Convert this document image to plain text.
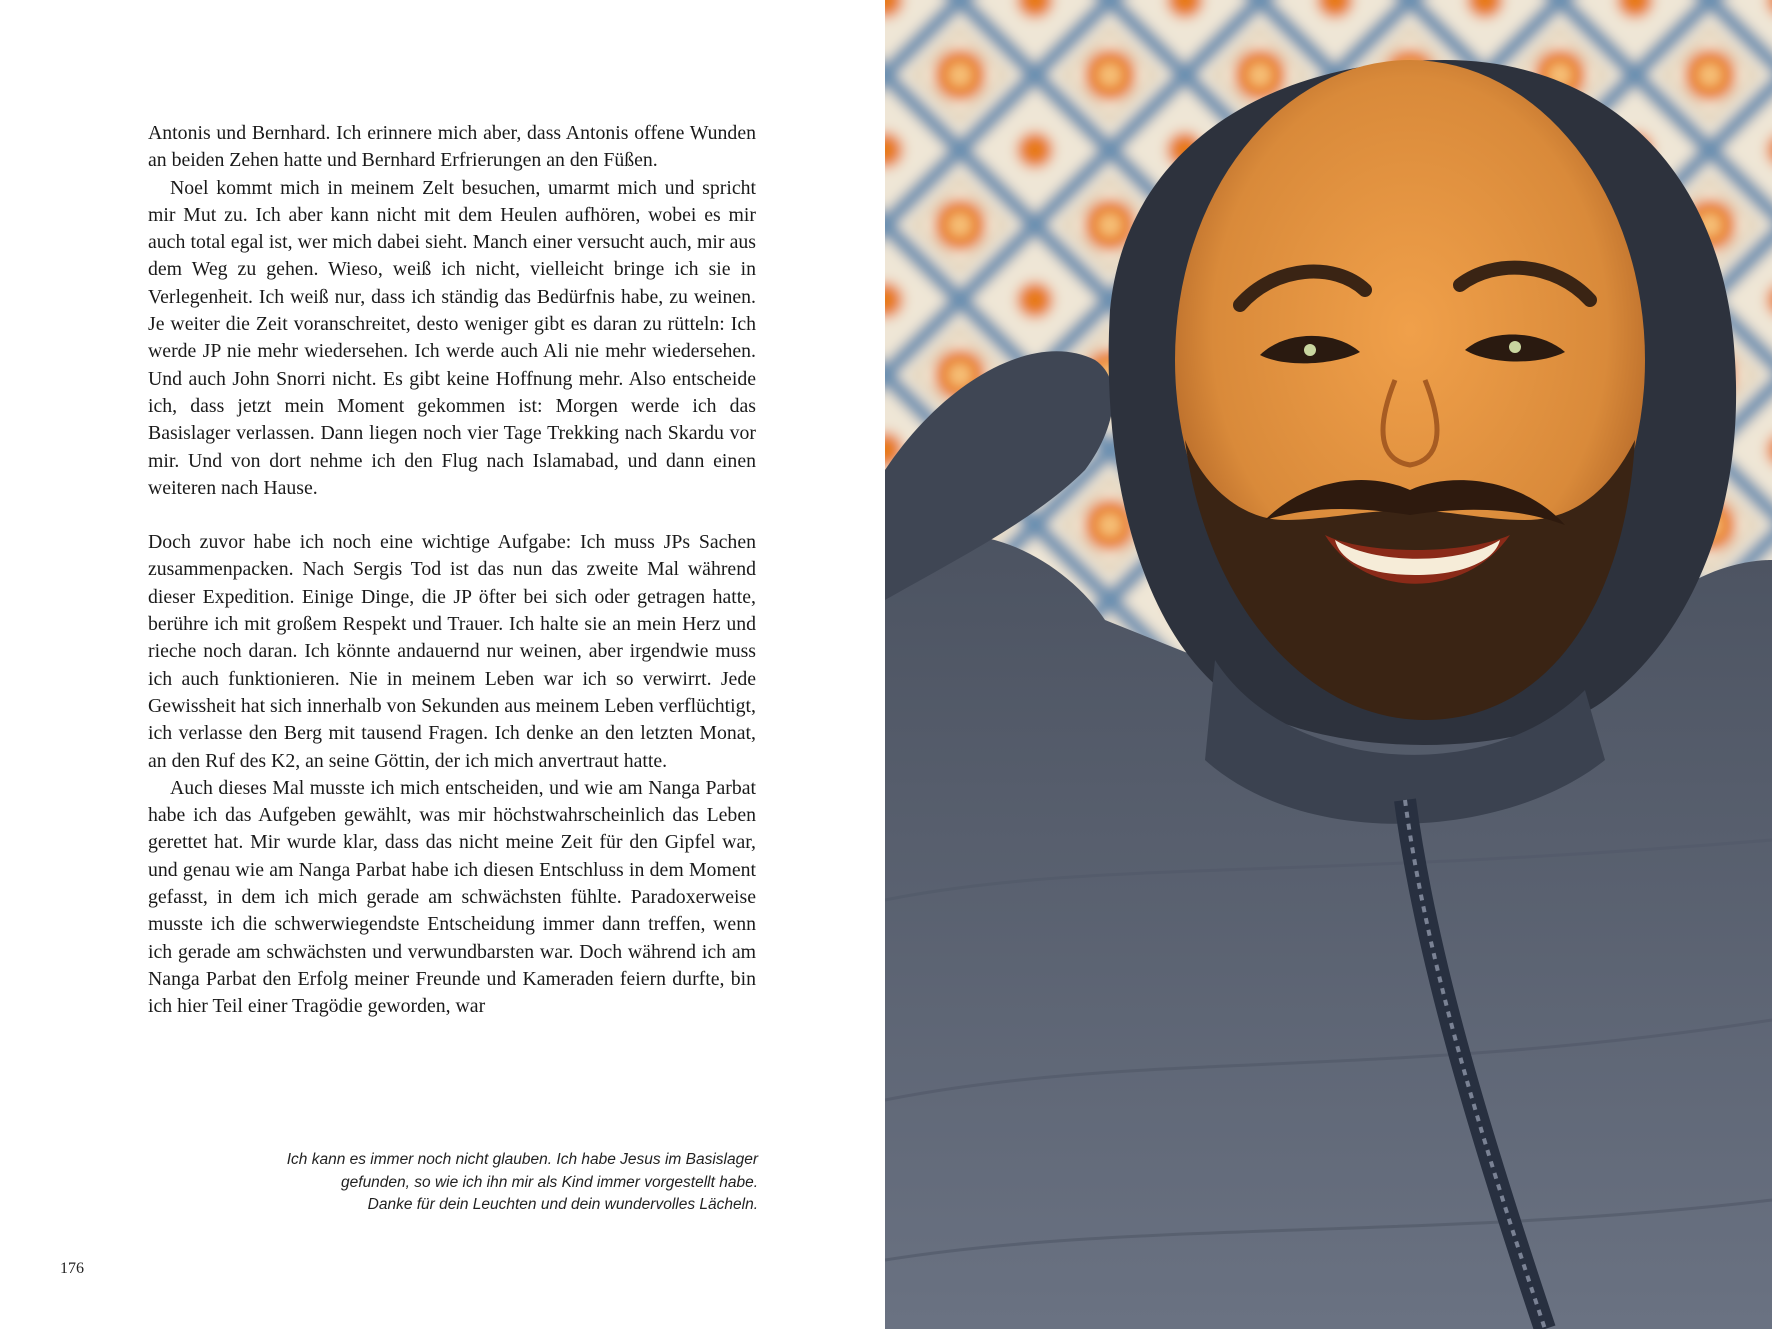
Antonis und Bernhard. Ich erinnere mich aber, dass Antonis offene Wunden an beiden Zehen hatte und Bernhard Erfrierungen an den Füßen.

Noel kommt mich in meinem Zelt besuchen, umarmt mich und spricht mir Mut zu. Ich aber kann nicht mit dem Heulen aufhören, wobei es mir auch total egal ist, wer mich dabei sieht. Manch einer versucht auch, mir aus dem Weg zu gehen. Wieso, weiß ich nicht, vielleicht bringe ich sie in Verlegenheit. Ich weiß nur, dass ich ständig das Bedürfnis habe, zu weinen. Je weiter die Zeit voranschreitet, desto weniger gibt es daran zu rütteln: Ich werde JP nie mehr wiedersehen. Ich werde auch Ali nie mehr wiedersehen. Und auch John Snorri nicht. Es gibt keine Hoffnung mehr. Also entscheide ich, dass jetzt mein Moment gekommen ist: Morgen werde ich das Basislager verlassen. Dann liegen noch vier Tage Trekking nach Skardu vor mir. Und von dort nehme ich den Flug nach Islamabad, und dann einen weiteren nach Hause.

Doch zuvor habe ich noch eine wichtige Aufgabe: Ich muss JPs Sachen zusammenpacken. Nach Sergis Tod ist das nun das zweite Mal während dieser Expedition. Einige Dinge, die JP öfter bei sich oder getragen hatte, berühre ich mit großem Respekt und Trauer. Ich halte sie an mein Herz und rieche noch daran. Ich könnte andauernd nur weinen, aber irgendwie muss ich auch funktionieren. Nie in meinem Leben war ich so verwirrt. Jede Gewissheit hat sich innerhalb von Sekunden aus meinem Leben verflüchtigt, ich verlasse den Berg mit tausend Fragen. Ich denke an den letzten Monat, an den Ruf des K2, an seine Göttin, der ich mich anvertraut hatte.

Auch dieses Mal musste ich mich entscheiden, und wie am Nanga Parbat habe ich das Aufgeben gewählt, was mir höchstwahrscheinlich das Leben gerettet hat. Mir wurde klar, dass das nicht meine Zeit für den Gipfel war, und genau wie am Nanga Parbat habe ich diesen Entschluss in dem Moment gefasst, in dem ich mich gerade am schwächsten fühlte. Paradoxerweise musste ich die schwerwiegendste Entscheidung immer dann treffen, wenn ich gerade am schwächsten und verwundbarsten war. Doch während ich am Nanga Parbat den Erfolg meiner Freunde und Kameraden feiern durfte, bin ich hier Teil einer Tragödie geworden, war

Ich kann es immer noch nicht glauben. Ich habe Jesus im Basislager
gefunden, so wie ich ihn mir als Kind immer vorgestellt habe.
Danke für dein Leuchten und dein wundervolles Lächeln.
176
